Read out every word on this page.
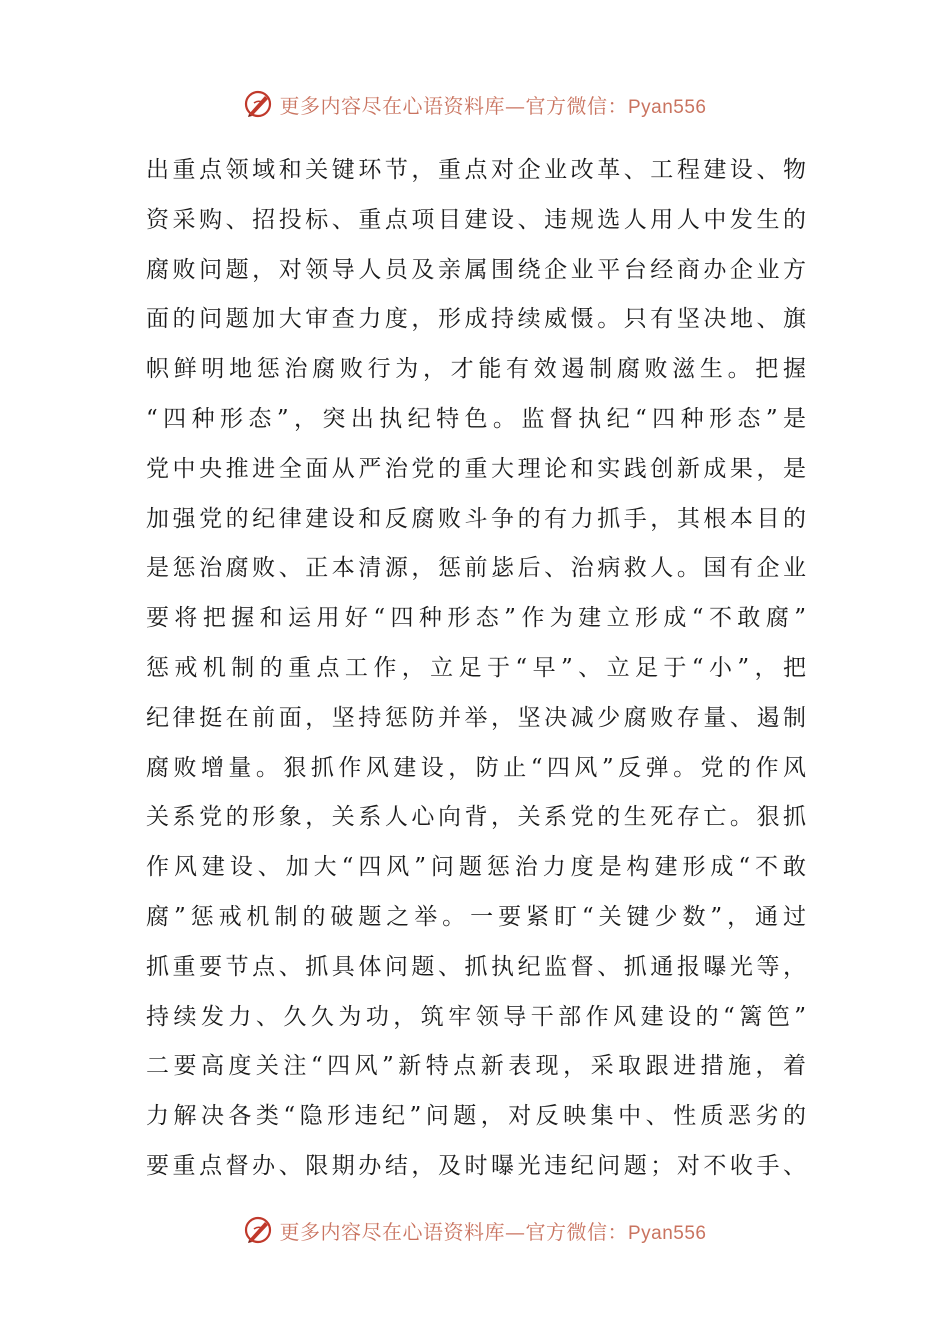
更多内容尽在心语资料库—官方微信：Pyan556
出重点领域和关键环节，重点对企业改革、工程建设、物
资采购、招投标、重点项目建设、违规选人用人中发生的
腐败问题，对领导人员及亲属围绕企业平台经商办企业方
面的问题加大审查力度，形成持续威慑。只有坚决地、旗
帜鲜明地惩治腐败行为，才能有效遏制腐败滋生。把握
“四种形态”，突出执纪特色。监督执纪“四种形态”是
党中央推进全面从严治党的重大理论和实践创新成果，是
加强党的纪律建设和反腐败斗争的有力抓手，其根本目的
是惩治腐败、正本清源，惩前毖后、治病救人。国有企业
要将把握和运用好“四种形态”作为建立形成“不敢腐”
惩戒机制的重点工作，立足于“早”、立足于“小”，把
纪律挺在前面，坚持惩防并举，坚决减少腐败存量、遏制
腐败增量。狠抓作风建设，防止“四风”反弹。党的作风
关系党的形象，关系人心向背，关系党的生死存亡。狠抓
作风建设、加大“四风”问题惩治力度是构建形成“不敢
腐”惩戒机制的破题之举。一要紧盯“关键少数”，通过
抓重要节点、抓具体问题、抓执纪监督、抓通报曝光等，
持续发力、久久为功，筑牢领导干部作风建设的“篱笆”
二要高度关注“四风”新特点新表现，采取跟进措施，着
力解决各类“隐形违纪”问题，对反映集中、性质恶劣的
要重点督办、限期办结，及时曝光违纪问题；对不收手、
更多内容尽在心语资料库—官方微信：Pyan556
